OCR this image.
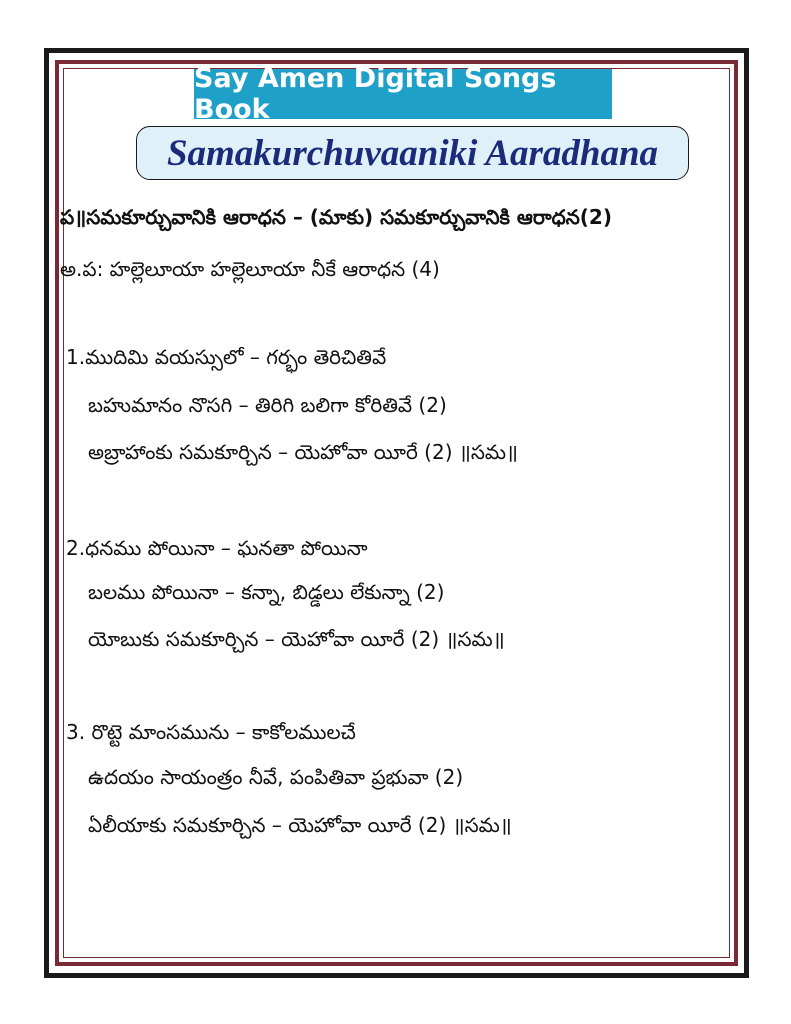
Say Amen Digital Songs Book
Samakurchuvaaniki Aaradhana
ప॥సమకూర్చువానికి ఆరాధన – (మాకు) సమకూర్చువానికి ఆరాధన(2)
అ.ప: హల్లెలూయా హల్లెలూయా నీకే ఆరాధన (4)
1.ముదిమి వయస్సులో – గర్భం తెరిచితివే
బహుమానం నొసగి – తిరిగి బలిగా కోరితివే (2)
అబ్రాహాంకు సమకూర్చిన – యెహోవా యీరే (2) ॥సమ॥
2.ధనము పోయినా – ఘనతా పోయినా
బలము పోయినా – కన్నా, బిడ్డలు లేకున్నా (2)
యోబుకు సమకూర్చిన – యెహోవా యీరే (2) ॥సమ॥
3. రొట్టె మాంసమును – కాకోలములచే
ఉదయం సాయంత్రం నీవే, పంపితివా ప్రభువా (2)
ఏలీయాకు సమకూర్చిన – యెహోవా యీరే (2) ॥సమ॥
